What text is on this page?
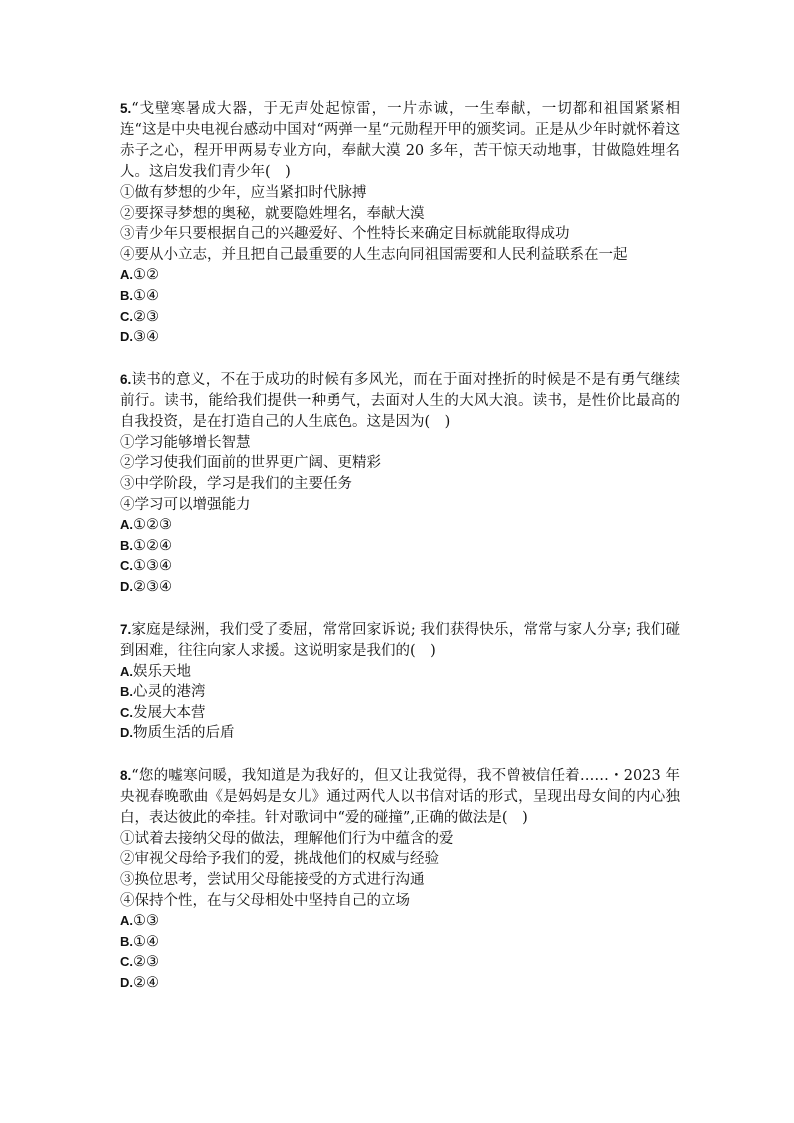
5.“戈壁寒暑成大器，于无声处起惊雷，一片赤诚，一生奉献，一切都和祖国紧紧相连“这是中央电视台感动中国对“两弹一星“元勋程开甲的颁奖词。正是从少年时就怀着这赤子之心，程开甲两易专业方向，奉献大漠 20 多年，苦干惊天动地事，甘做隐姓埋名人。这启发我们青少年(　)

①做有梦想的少年，应当紧扣时代脉搏

②要探寻梦想的奥秘，就要隐姓埋名，奉献大漠

③青少年只要根据自己的兴趣爱好、个性特长来确定目标就能取得成功

④要从小立志，并且把自己最重要的人生志向同祖国需要和人民利益联系在一起

A.①②

B.①④

C.②③

D.③④

6.读书的意义，不在于成功的时候有多风光，而在于面对挫折的时候是不是有勇气继续前行。读书，能给我们提供一种勇气，去面对人生的大风大浪。读书，是性价比最高的自我投资，是在打造自己的人生底色。这是因为(　)

①学习能够增长智慧

②学习使我们面前的世界更广阔、更精彩

③中学阶段，学习是我们的主要任务

④学习可以增强能力

A.①②③

B.①②④

C.①③④

D.②③④

7.家庭是绿洲，我们受了委屈，常常回家诉说; 我们获得快乐，常常与家人分享; 我们碰到困难，往往向家人求援。这说明家是我们的(　)

A.娱乐天地

B.心灵的港湾

C.发展大本营

D.物质生活的后盾

8.“您的嘘寒问暖，我知道是为我好的，但又让我觉得，我不曾被信任着……・2023 年央视春晚歌曲《是妈妈是女儿》通过两代人以书信对话的形式，呈现出母女间的内心独白，表达彼此的牵挂。针对歌词中“爱的碰撞”,正确的做法是(　)

①试着去接纳父母的做法，理解他们行为中蕴含的爱

②审视父母给予我们的爱，挑战他们的权威与经验

③换位思考，尝试用父母能接受的方式进行沟通

④保持个性，在与父母相处中坚持自己的立场

A.①③

B.①④

C.②③

D.②④
